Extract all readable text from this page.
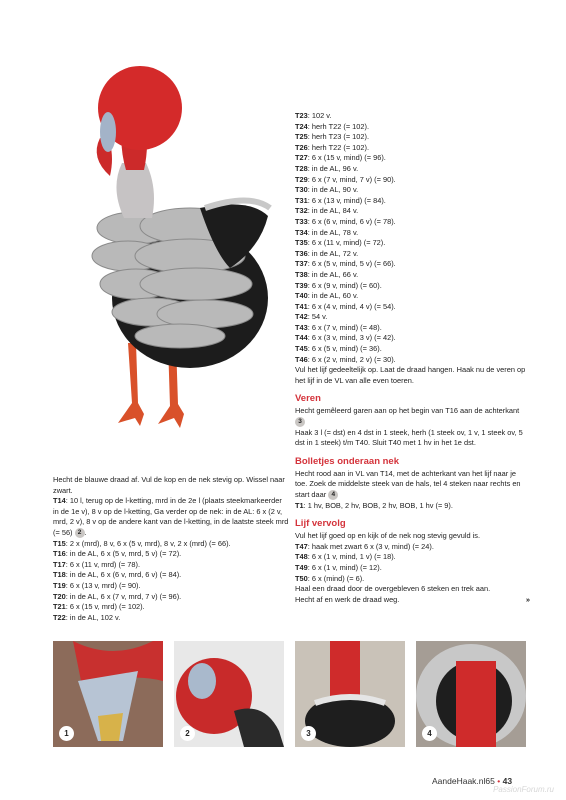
T23: 102 v.
T24: herh T22 (= 102).
T25: herh T23 (= 102).
T26: herh T22 (= 102).
T27: 6 x (15 v, mind) (= 96).
T28: in de AL, 96 v.
T29: 6 x (7 v, mind, 7 v) (= 90).
T30: in de AL, 90 v.
T31: 6 x (13 v, mind) (= 84).
T32: in de AL, 84 v.
T33: 6 x (6 v, mind, 6 v) (= 78).
T34: in de AL, 78 v.
T35: 6 x (11 v, mind) (= 72).
T36: in de AL, 72 v.
T37: 6 x (5 v, mind, 5 v) (= 66).
T38: in de AL, 66 v.
T39: 6 x (9 v, mind) (= 60).
T40: in de AL, 60 v.
T41: 6 x (4 v, mind, 4 v) (= 54).
T42: 54 v.
T43: 6 x (7 v, mind) (= 48).
T44: 6 x (3 v, mind, 3 v) (= 42).
T45: 6 x (5 v, mind) (= 36).
T46: 6 x (2 v, mind, 2 v) (= 30).
Vul het lijf gedeeltelijk op. Laat de draad hangen. Haak nu de veren op het lijf in de VL van alle even toeren.
Veren
Hecht gemêleerd garen aan op het begin van T16 aan de achterkant 3
Haak 3 l (= dst) en 4 dst in 1 steek, herh (1 steek ov, 1 v, 1 steek ov, 5 dst in 1 steek) t/m T40. Sluit T40 met 1 hv in het 1e dst.
Bolletjes onderaan nek
Hecht rood aan in VL van T14, met de achterkant van het lijf naar je toe. Zoek de middelste steek van de hals, tel 4 steken naar rechts en start daar 4
T1: 1 hv, BOB, 2 hv, BOB, 2 hv, BOB, 1 hv (= 9).
Lijf vervolg
Vul het lijf goed op en kijk of de nek nog stevig gevuld is.
T47: haak met zwart 6 x (3 v, mind) (= 24).
T48: 6 x (1 v, mind, 1 v) (= 18).
T49: 6 x (1 v, mind) (= 12).
T50: 6 x (mind) (= 6).
Haal een draad door de overgebleven 6 steken en trek aan.
Hecht af en werk de draad weg.	»
Hecht de blauwe draad af. Vul de kop en de nek stevig op. Wissel naar zwart.
T14: 10 l, terug op de l-ketting, mrd in de 2e l (plaats steekmarkeerder in de 1e v), 8 v op de l-ketting, Ga verder op de nek: in de AL: 6 x (2 v, mrd, 2 v), 8 v op de andere kant van de l-ketting, in de laatste steek mrd (= 56) 2 .
T15: 2 x (mrd), 8 v, 6 x (5 v, mrd), 8 v, 2 x (mrd) (= 66).
T16: in de AL, 6 x (5 v, mrd, 5 v) (= 72).
T17: 6 x (11 v, mrd) (= 78).
T18: in de AL, 6 x (6 v, mrd, 6 v) (= 84).
T19: 6 x (13 v, mrd) (= 90).
T20: in de AL, 6 x (7 v, mrd, 7 v) (= 96).
T21: 6 x (15 v, mrd) (= 102).
T22: in de AL, 102 v.
1	2	3	4
AandeHaak.nl65 • 43
PassionForum.ru
